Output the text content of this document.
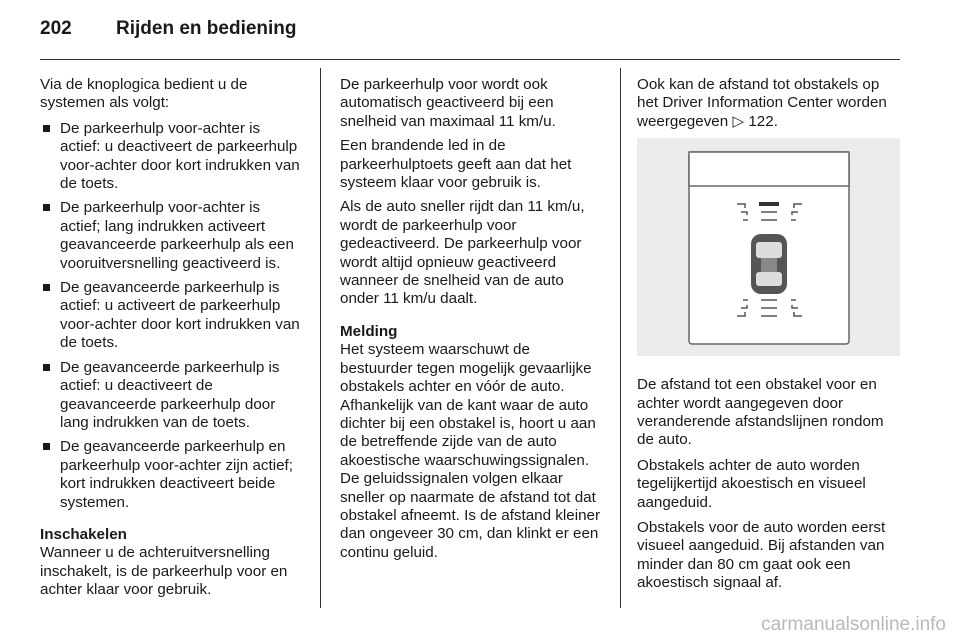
202 Rijden en bediening

Via de knoplogica bedient u de systemen als volgt:

De parkeerhulp voor-achter is actief: u deactiveert de parkeerhulp voor-achter door kort indrukken van de toets.
De parkeerhulp voor-achter is actief; lang indrukken activeert geavanceerde parkeerhulp als een vooruitversnelling geactiveerd is.
De geavanceerde parkeerhulp is actief: u activeert de parkeerhulp voor-achter door kort indrukken van de toets.
De geavanceerde parkeerhulp is actief: u deactiveert de geavanceerde parkeerhulp door lang indrukken van de toets.
De geavanceerde parkeerhulp en parkeerhulp voor-achter zijn actief; kort indrukken deactiveert beide systemen.

Inschakelen

Wanneer u de achteruitversnelling inschakelt, is de parkeerhulp voor en achter klaar voor gebruik.

De parkeerhulp voor wordt ook automatisch geactiveerd bij een snelheid van maximaal 11 km/u.

Een brandende led in de parkeerhulptoets geeft aan dat het systeem klaar voor gebruik is.

Als de auto sneller rijdt dan 11 km/u, wordt de parkeerhulp voor gedeactiveerd. De parkeerhulp voor wordt altijd opnieuw geactiveerd wanneer de snelheid van de auto onder 11 km/u daalt.

Melding

Het systeem waarschuwt de bestuurder tegen mogelijk gevaarlijke obstakels achter en vóór de auto. Afhankelijk van de kant waar de auto dichter bij een obstakel is, hoort u aan de betreffende zijde van de auto akoestische waarschuwingssignalen. De geluidssignalen volgen elkaar sneller op naarmate de afstand tot dat obstakel afneemt. Is de afstand kleiner dan ongeveer 30 cm, dan klinkt er een continu geluid.

Ook kan de afstand tot obstakels op het Driver Information Center worden weergegeven ▷ 122.

De afstand tot een obstakel voor en achter wordt aangegeven door veranderende afstandslijnen rondom de auto.

Obstakels achter de auto worden tegelijkertijd akoestisch en visueel aangeduid.

Obstakels voor de auto worden eerst visueel aangeduid. Bij afstanden van minder dan 80 cm gaat ook een akoestisch signaal af.

carmanualsonline.info
